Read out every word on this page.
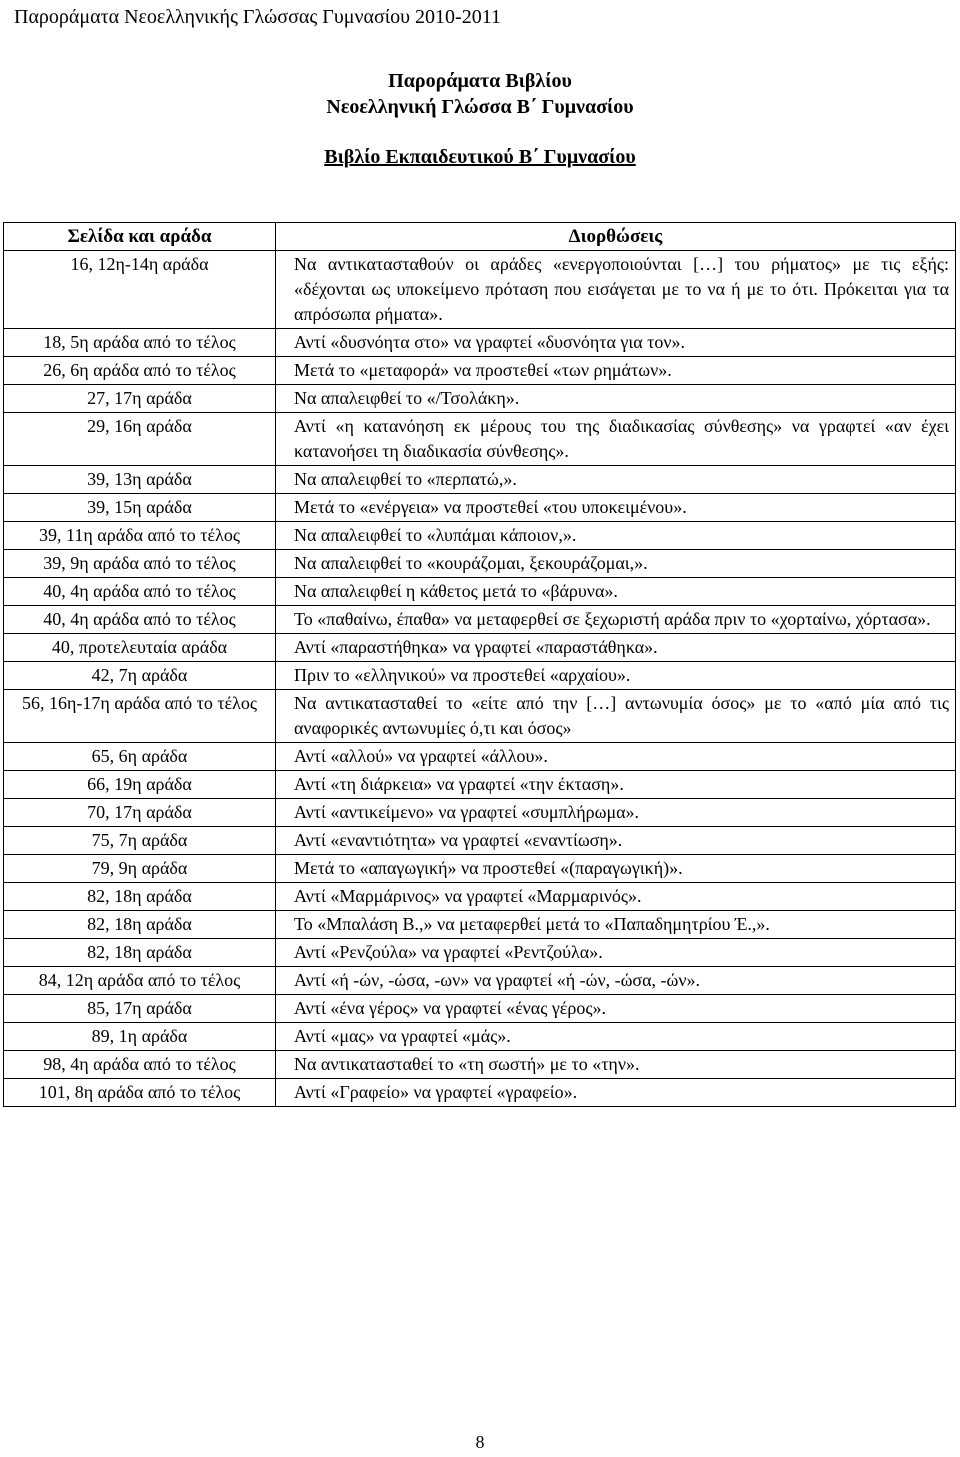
Παροράματα Νεοελληνικής Γλώσσας Γυμνασίου 2010-2011
Παροράματα Βιβλίου
Νεοελληνική Γλώσσα Β΄ Γυμνασίου
Βιβλίο Εκπαιδευτικού Β΄ Γυμνασίου
Σελίδα και αράδα	Διορθώσεις
16, 12η-14η αράδα	Να αντικατασταθούν οι αράδες «ενεργοποιούνται […] του ρήματος» με τις εξής: «δέχονται ως υποκείμενο πρόταση που εισάγεται με το να ή με το ότι. Πρόκειται για τα απρόσωπα ρήματα».
18, 5η αράδα από το τέλος	Αντί «δυσνόητα στο» να γραφτεί «δυσνόητα για τον».
26, 6η αράδα από το τέλος	Μετά το «μεταφορά» να προστεθεί «των ρημάτων».
27, 17η αράδα	Να απαλειφθεί το «/Τσολάκη».
29, 16η αράδα	Αντί «η κατανόηση εκ μέρους του της διαδικασίας σύνθεσης» να γραφτεί «αν έχει κατανοήσει τη διαδικασία σύνθεσης».
39, 13η αράδα	Να απαλειφθεί το «περπατώ,».
39, 15η αράδα	Μετά το «ενέργεια» να προστεθεί «του υποκειμένου».
39, 11η αράδα από το τέλος	Να απαλειφθεί το «λυπάμαι κάποιον,».
39, 9η αράδα από το τέλος	Να απαλειφθεί το «κουράζομαι, ξεκουράζομαι,».
40, 4η αράδα από το τέλος	Να απαλειφθεί η κάθετος μετά το «βάρυνα».
40, 4η αράδα από το τέλος	Το «παθαίνω, έπαθα» να μεταφερθεί σε ξεχωριστή αράδα πριν το «χορταίνω, χόρτασα».
40, προτελευταία αράδα	Αντί «παραστήθηκα» να γραφτεί «παραστάθηκα».
42, 7η αράδα	Πριν το «ελληνικού» να προστεθεί «αρχαίου».
56, 16η-17η αράδα από το τέλος	Να αντικατασταθεί το «είτε από την […] αντωνυμία όσος» με το «από μία από τις αναφορικές αντωνυμίες ό,τι και όσος»
65, 6η αράδα	Αντί «αλλού» να γραφτεί «άλλου».
66, 19η αράδα	Αντί «τη διάρκεια» να γραφτεί «την έκταση».
70, 17η αράδα	Αντί «αντικείμενο» να γραφτεί «συμπλήρωμα».
75, 7η αράδα	Αντί «εναντιότητα» να γραφτεί «εναντίωση».
79, 9η αράδα	Μετά το «απαγωγική» να προστεθεί «(παραγωγική)».
82, 18η αράδα	Αντί «Μαρμάρινος» να γραφτεί «Μαρμαρινός».
82, 18η αράδα	Το «Μπαλάση Β.,» να μεταφερθεί μετά το «Παπαδημητρίου Έ.,».
82, 18η αράδα	Αντί «Ρενζούλα» να γραφτεί «Ρεντζούλα».
84, 12η αράδα από το τέλος	Αντί «ή -ών, -ώσα, -ων» να γραφτεί «ή -ών, -ώσα, -ών».
85, 17η αράδα	Αντί «ένα γέρος» να γραφτεί «ένας γέρος».
89, 1η αράδα	Αντί «μας» να γραφτεί «μάς».
98, 4η αράδα από το τέλος	Να αντικατασταθεί το «τη σωστή» με το «την».
101, 8η αράδα από το τέλος	Αντί «Γραφείο» να γραφτεί «γραφείο».
8
